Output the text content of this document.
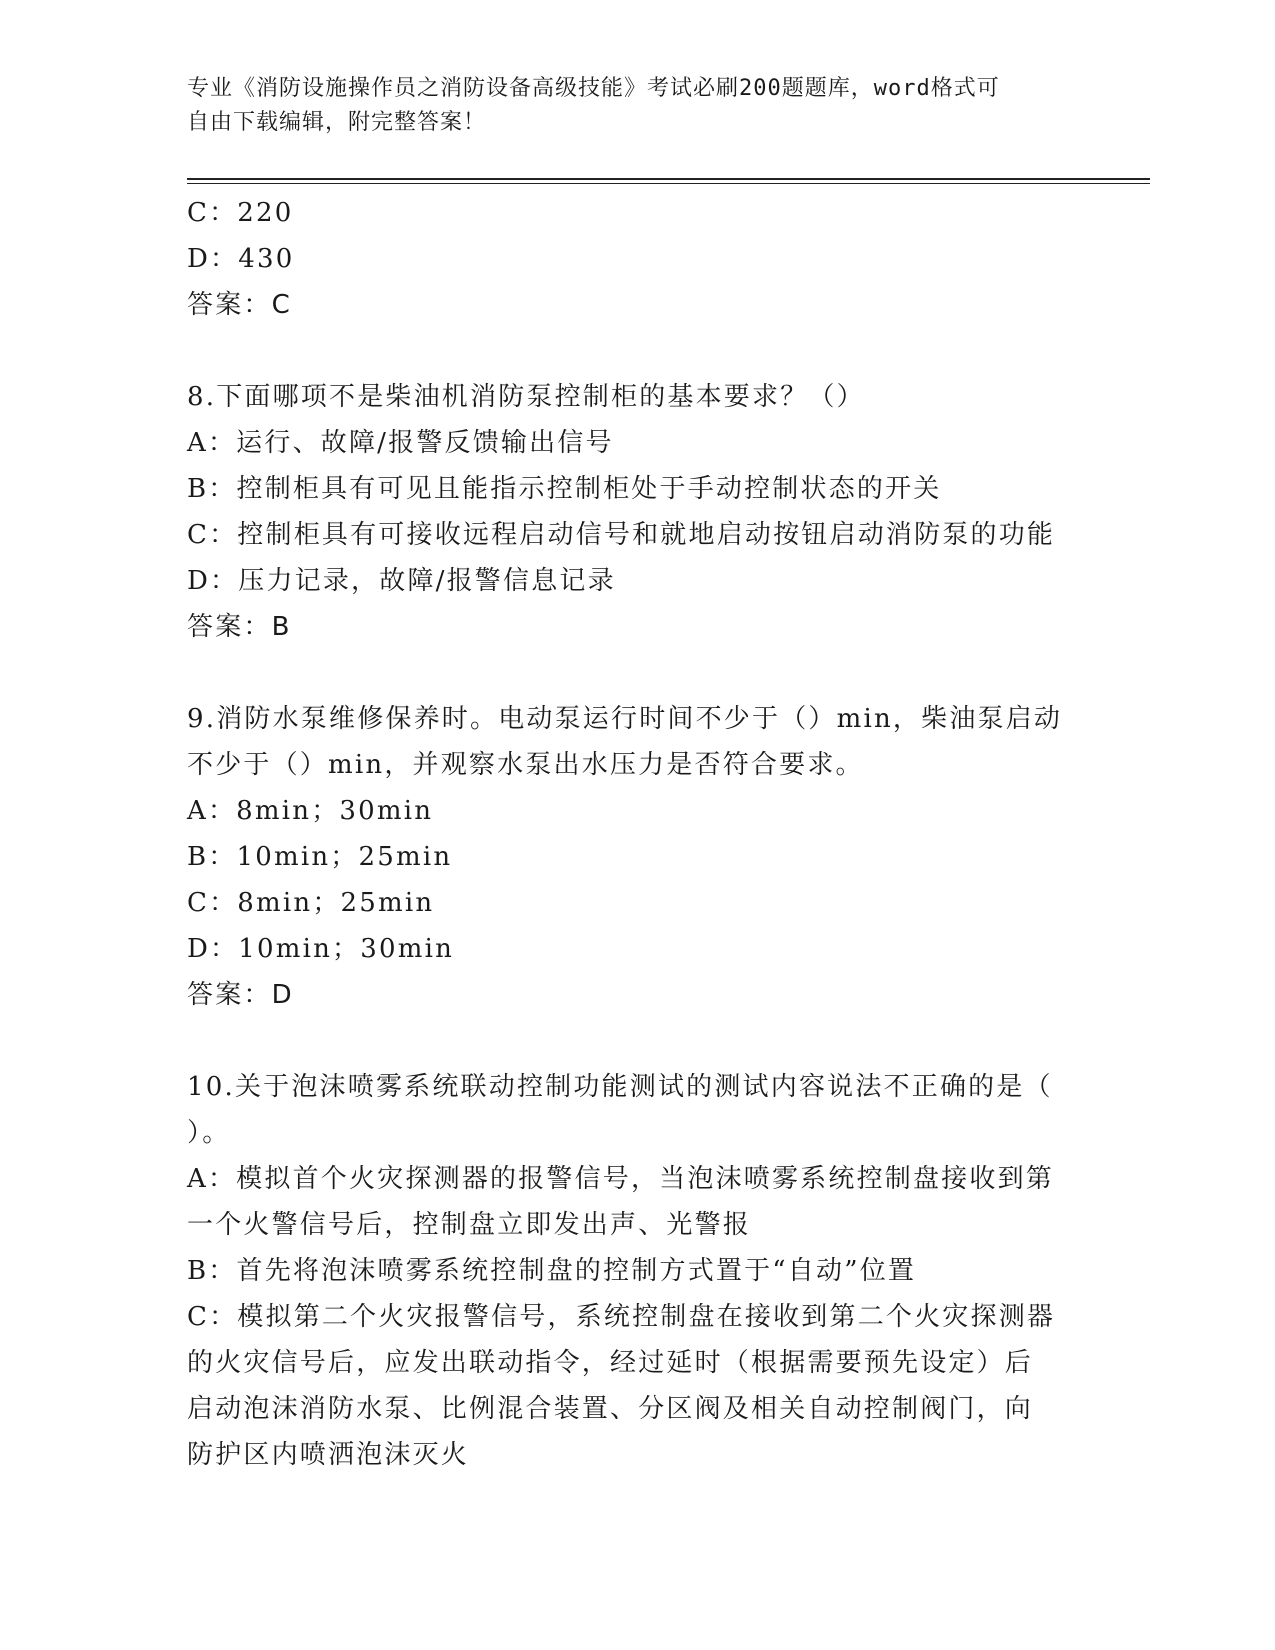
专业《消防设施操作员之消防设备高级技能》考试必刷200题题库，word格式可
自由下载编辑，附完整答案！
C：220
D：430
答案：C
8.下面哪项不是柴油机消防泵控制柜的基本要求？（）
A：运行、故障/报警反馈输出信号
B：控制柜具有可见且能指示控制柜处于手动控制状态的开关
C：控制柜具有可接收远程启动信号和就地启动按钮启动消防泵的功能
D：压力记录，故障/报警信息记录
答案：B
9.消防水泵维修保养时。电动泵运行时间不少于（）min，柴油泵启动
不少于（）min，并观察水泵出水压力是否符合要求。
A：8min；30min
B：10min；25min
C：8min；25min
D：10min；30min
答案：D
10.关于泡沫喷雾系统联动控制功能测试的测试内容说法不正确的是（
）。
A：模拟首个火灾探测器的报警信号，当泡沫喷雾系统控制盘接收到第
一个火警信号后，控制盘立即发出声、光警报
B：首先将泡沫喷雾系统控制盘的控制方式置于“自动”位置
C：模拟第二个火灾报警信号，系统控制盘在接收到第二个火灾探测器
的火灾信号后，应发出联动指令，经过延时（根据需要预先设定）后
启动泡沫消防水泵、比例混合装置、分区阀及相关自动控制阀门，向
防护区内喷洒泡沫灭火
